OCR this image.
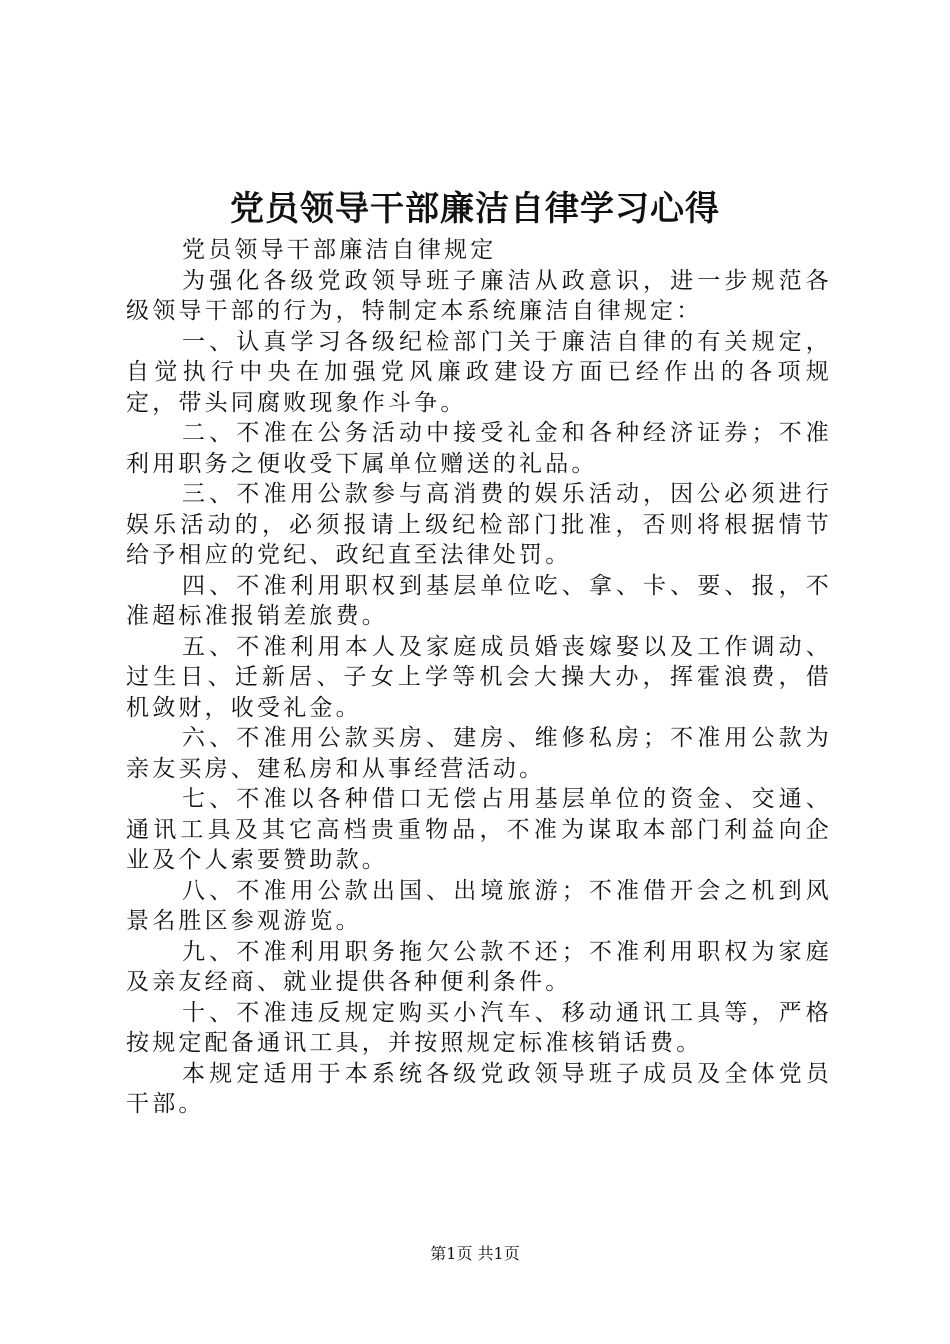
党员领导干部廉洁自律学习心得

党员领导干部廉洁自律规定

为强化各级党政领导班子廉洁从政意识，进一步规范各级领导干部的行为，特制定本系统廉洁自律规定：

一、认真学习各级纪检部门关于廉洁自律的有关规定，自觉执行中央在加强党风廉政建设方面已经作出的各项规定，带头同腐败现象作斗争。

二、不准在公务活动中接受礼金和各种经济证券；不准利用职务之便收受下属单位赠送的礼品。

三、不准用公款参与高消费的娱乐活动，因公必须进行娱乐活动的，必须报请上级纪检部门批准，否则将根据情节给予相应的党纪、政纪直至法律处罚。

四、不准利用职权到基层单位吃、拿、卡、要、报，不准超标准报销差旅费。

五、不准利用本人及家庭成员婚丧嫁娶以及工作调动、过生日、迁新居、子女上学等机会大操大办，挥霍浪费，借机敛财，收受礼金。

六、不准用公款买房、建房、维修私房；不准用公款为亲友买房、建私房和从事经营活动。

七、不准以各种借口无偿占用基层单位的资金、交通、通讯工具及其它高档贵重物品，不准为谋取本部门利益向企业及个人索要赞助款。

八、不准用公款出国、出境旅游；不准借开会之机到风景名胜区参观游览。

九、不准利用职务拖欠公款不还；不准利用职权为家庭及亲友经商、就业提供各种便利条件。

十、不准违反规定购买小汽车、移动通讯工具等，严格按规定配备通讯工具，并按照规定标准核销话费。

本规定适用于本系统各级党政领导班子成员及全体党员干部。

第1页 共1页
